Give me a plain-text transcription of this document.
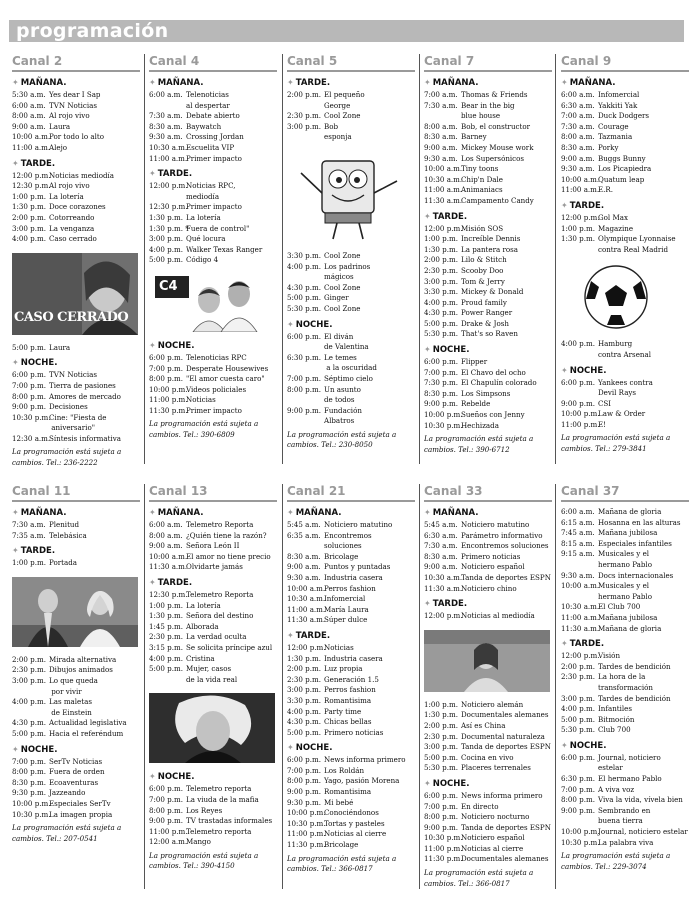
programación
Canal 2
✦ MAÑANA.
5:30 a.m. Yes dear I Sap
6:00 a.m. TVN Noticias
8:00 a.m. Al rojo vivo
9:00 a.m. Laura
10:00 a.m.
Por todo lo alto
11:00 a.m.
Alejo
✦ TARDE.
12:00 p.m.
Noticias mediodía
12:30 p.m.
Al rojo vivo
1:00 p.m. La lotería
1:30 p.m. Doce corazones
2:00 p.m. Cotorreando
3:00 p.m. La venganza
4:00 p.m. Caso cerrado
CASO CERRADO
5:00 p.m. Laura
✦ NOCHE.
6:00 p.m. TVN Noticias
7:00 p.m. Tierra de pasiones
8:00 p.m. Amores de mercado
9:00 p.m. Decisiones
10:30 p.m.
Cine: "Fiesta de
aniversario"
12:30 a.m.
Síntesis informativa
La programación está sujeta a
cambios. Tel.: 236-2222
Canal 4
✦ MAÑANA.
6:00 a.m. Telenoticias
al despertar
7:30 a.m. Debate abierto
8:30 a.m. Baywatch
9:30 a.m. Crossing Jordan
10:30 a.m.
Escuelita VIP
11:00 a.m.
Primer impacto
✦ TARDE.
12:00 p.m.
Noticias RPC,
mediodía
12:30 p.m.
Primer impacto
1:30 p.m. La lotería
1:30 p.m. *
Fuera de control"
3:00 p.m. Qué locura
4:00 p.m. Walker Texas Ranger
5:00 p.m. Código 4
C4
✦ NOCHE.
6:00 p.m. Telenoticias RPC
7:00 p.m. Desperate Housewives
8:00 p.m. "El amor cuesta caro"
10:00 p.m.
Videos policiales
11:00 p.m.
Noticias
11:30 p.m.
Primer impacto
La programación está sujeta a
cambios. Tel.: 390-6809
Canal 5
✦ TARDE.
2:00 p.m. El pequeño
George
2:30 p.m. Cool Zone
3:00 p.m. Bob
esponja
3:30 p.m. Cool Zone
4:00 p.m. Los padrinos
mágicos
4:30 p.m. Cool Zone
5:00 p.m. Ginger
5:30 p.m. Cool Zone
✦ NOCHE.
6:00 p.m. El diván
de Valentina
6:30 p.m. Le temes
a la oscuridad
7:00 p.m. Séptimo cielo
8:00 p.m. Un asunto
de todos
9:00 p.m. Fundación
Albatros
La programación está sujeta a
cambios. Tel.: 230-8050
Canal 7
✦ MAÑANA.
7:00 a.m. Thomas & Friends
7:30 a.m. Bear in the big
blue house
8:00 a.m. Bob, el constructor
8:30 a.m. Barney
9:00 a.m. Mickey Mouse work
9:30 a.m. Los Supersónicos
10:00 a.m.
Tiny toons
10:30 a.m.
Chip'n Dale
11:00 a.m.
Animaniacs
11:30 a.m.
Campamento Candy
✦ TARDE.
12:00 p.m.
Misión SOS
1:00 p.m. Increíble Dennis
1:30 p.m. La pantera rosa
2:00 p.m. Lilo & Stitch
2:30 p.m. Scooby Doo
3:00 p.m. Tom & Jerry
3:30 p.m. Mickey & Donald
4:00 p.m. Proud family
4:30 p.m. Power Ranger
5:00 p.m. Drake & Josh
5:30 p.m. That's so Raven
✦ NOCHE.
6:00 p.m. Flipper
7:00 p.m. El Chavo del ocho
7:30 p.m. El Chapulín colorado
8:30 p.m. Los Simpsons
9:00 p.m. Rebelde
10:00 p.m.
Sueños con Jenny
10:30 p.m.
Hechizada
La programación está sujeta a
cambios. Tel.: 390-6712
Canal 9
✦ MAÑANA.
6:00 a.m. Infomercial
6:30 a.m. Yakkiti Yak
7:00 a.m. Duck Dodgers
7:30 a.m. Courage
8:00 a.m. Tazmania
8:30 a.m. Porky
9:00 a.m. Buggs Bunny
9:30 a.m. Los Picapiedra
10:00 a.m.
Quatum leap
11:00 a.m.
E.R.
✦ TARDE.
12:00 p.m.
Gol Max
1:00 p.m. Magazine
1:30 p.m. Olympique Lyonnaise
contra Real Madrid
4:00 p.m. Hamburg
contra Arsenal
✦ NOCHE.
6:00 p.m. Yankees contra
Devil Rays
9:00 p.m. CSI
10:00 p.m.
Law & Order
11:00 p.m.
E!
La programación está sujeta a
cambios. Tel.: 279-3841
Canal 11
✦ MAÑANA.
7:30 a.m. Plenitud
7:35 a.m. Telebásica
✦ TARDE.
1:00 p.m. Portada
2:00 p.m. Mirada alternativa
2:30 p.m. Dibujos animados
3:00 p.m. Lo que queda
por vivir
4:00 p.m. Las maletas
de Einstein
4:30 p.m. Actualidad legislativa
5:00 p.m. Hacia el referéndum
✦ NOCHE.
7:00 p.m. SerTv Noticias
8:00 p.m. Fuera de orden
8:30 p.m. Ecoaventuras
9:30 p.m. Jazzeando
10:00 p.m.
Especiales SerTv
10:30 p.m.
La imagen propia
La programación está sujeta a
cambios. Tel.: 207-0541
Canal 13
✦ MAÑANA.
6:00 a.m. Telemetro Reporta
8:00 a.m. ¿Quién tiene la razón?
9:00 a.m. Señora León II
10:00 a.m.
El amor no tiene precio
11:30 a.m.
Olvidarte jamás
✦ TARDE.
12:30 p.m.
Telemetro Reporta
1:00 p.m. La lotería
1:30 p.m. Señora del destino
1:45 p.m. Alborada
2:30 p.m. La verdad oculta
3:15 p.m. Se solicita príncipe azul
4:00 p.m. Cristina
5:00 p.m. Mujer, casos
de la vida real
✦ NOCHE.
6:00 p.m. Telemetro reporta
7:00 p.m. La viuda de la mafia
8:00 p.m. Los Reyes
9:00 p.m. TV trastadas informales
11:00 p.m.
Telemetro reporta
12:00 a.m.
Mango
La programación está sujeta a
cambios. Tel.: 390-4150
Canal 21
✦ MAÑANA.
5:45 a.m. Noticiero matutino
6:35 a.m. Encontremos
soluciones
8:30 a.m. Bricolage
9:00 a.m. Puntos y puntadas
9:30 a.m. Industria casera
10:00 a.m.
Perros fashion
10:30 a.m.
Infomercial
11:00 a.m.
María Laura
11:30 a.m.
Súper dulce
✦ TARDE.
12:00 p.m.
Noticias
1:30 p.m. Industria casera
2:00 p.m. Luz propia
2:30 p.m. Generación 1.5
3:00 p.m. Perros fashion
3:30 p.m. Romantisima
4:00 p.m. Party time
4:30 p.m. Chicas bellas
5:00 p.m. Primero noticias
✦ NOCHE.
6:00 p.m. News informa primero
7:00 p.m. Los Roldán
8:00 p.m. Yago, pasión Morena
9:00 p.m. Romantisima
9:30 p.m. Mi bebé
10:00 p.m.
Conociéndonos
10:30 p.m.
Tortas y pasteles
11:00 p.m.
Noticias al cierre
11:30 p.m.
Bricolage
La programación está sujeta a
cambios. Tel.: 366-0817
Canal 33
✦ MAÑANA.
5:45 a.m. Noticiero matutino
6:30 a.m. Parámetro informativo
7:30 a.m. Encontremos soluciones
8:30 a.m. Primero noticias
9:00 a.m. Noticiero español
10:30 a.m.
Tanda de deportes ESPN
11:30 a.m.
Noticiero chino
✦ TARDE.
12:00 p.m.
Noticias al mediodía
1:00 p.m. Noticiero alemán
1:30 p.m. Documentales alemanes
2:00 p.m. Así es China
2:30 p.m. Documental naturaleza
3:00 p.m. Tanda de deportes ESPN
5:00 p.m. Cocina en vivo
5:30 p.m. Placeres terrenales
✦ NOCHE.
6:00 p.m. News informa primero
7:00 p.m. En directo
8:00 p.m. Noticiero nocturno
9:00 p.m. Tanda de deportes ESPN
10:30 p.m.
Noticiero español
11:00 p.m.
Noticias al cierre
11:30 p.m.
Documentales alemanes
La programación está sujeta a
cambios. Tel.: 366-0817
Canal 37
6:00 a.m. Mañana de gloria
6:15 a.m. Hosanna en las alturas
7:45 a.m. Mañana jubilosa
8:15 a.m. Especiales infantiles
9:15 a.m. Musicales y el
hermano Pablo
9:30 a.m. Docs internacionales
10:00 a.m.
Musicales y el
hermano Pablo
10:30 a.m.
El Club 700
11:00 a.m.
Mañana jubilosa
11:30 a.m.
Mañana de gloria
✦ TARDE.
12:00 p.m.
Visión
2:00 p.m. Tardes de bendición
2:30 p.m. La hora de la
transformación
3:00 p.m. Tardes de bendición
4:00 p.m. Infantiles
5:00 p.m. Bitmoción
5:30 p.m. Club 700
✦ NOCHE.
6:00 p.m. Journal, noticiero
estelar
6:30 p.m. El hermano Pablo
7:00 p.m. A viva voz
8:00 p.m. Viva la vida, vívela bien
9:00 p.m. Sembrando en
buena tierra
10:00 p.m.
Journal, noticiero estelar
10:30 p.m.
La palabra viva
La programación está sujeta a
cambios. Tel.: 229-3074
